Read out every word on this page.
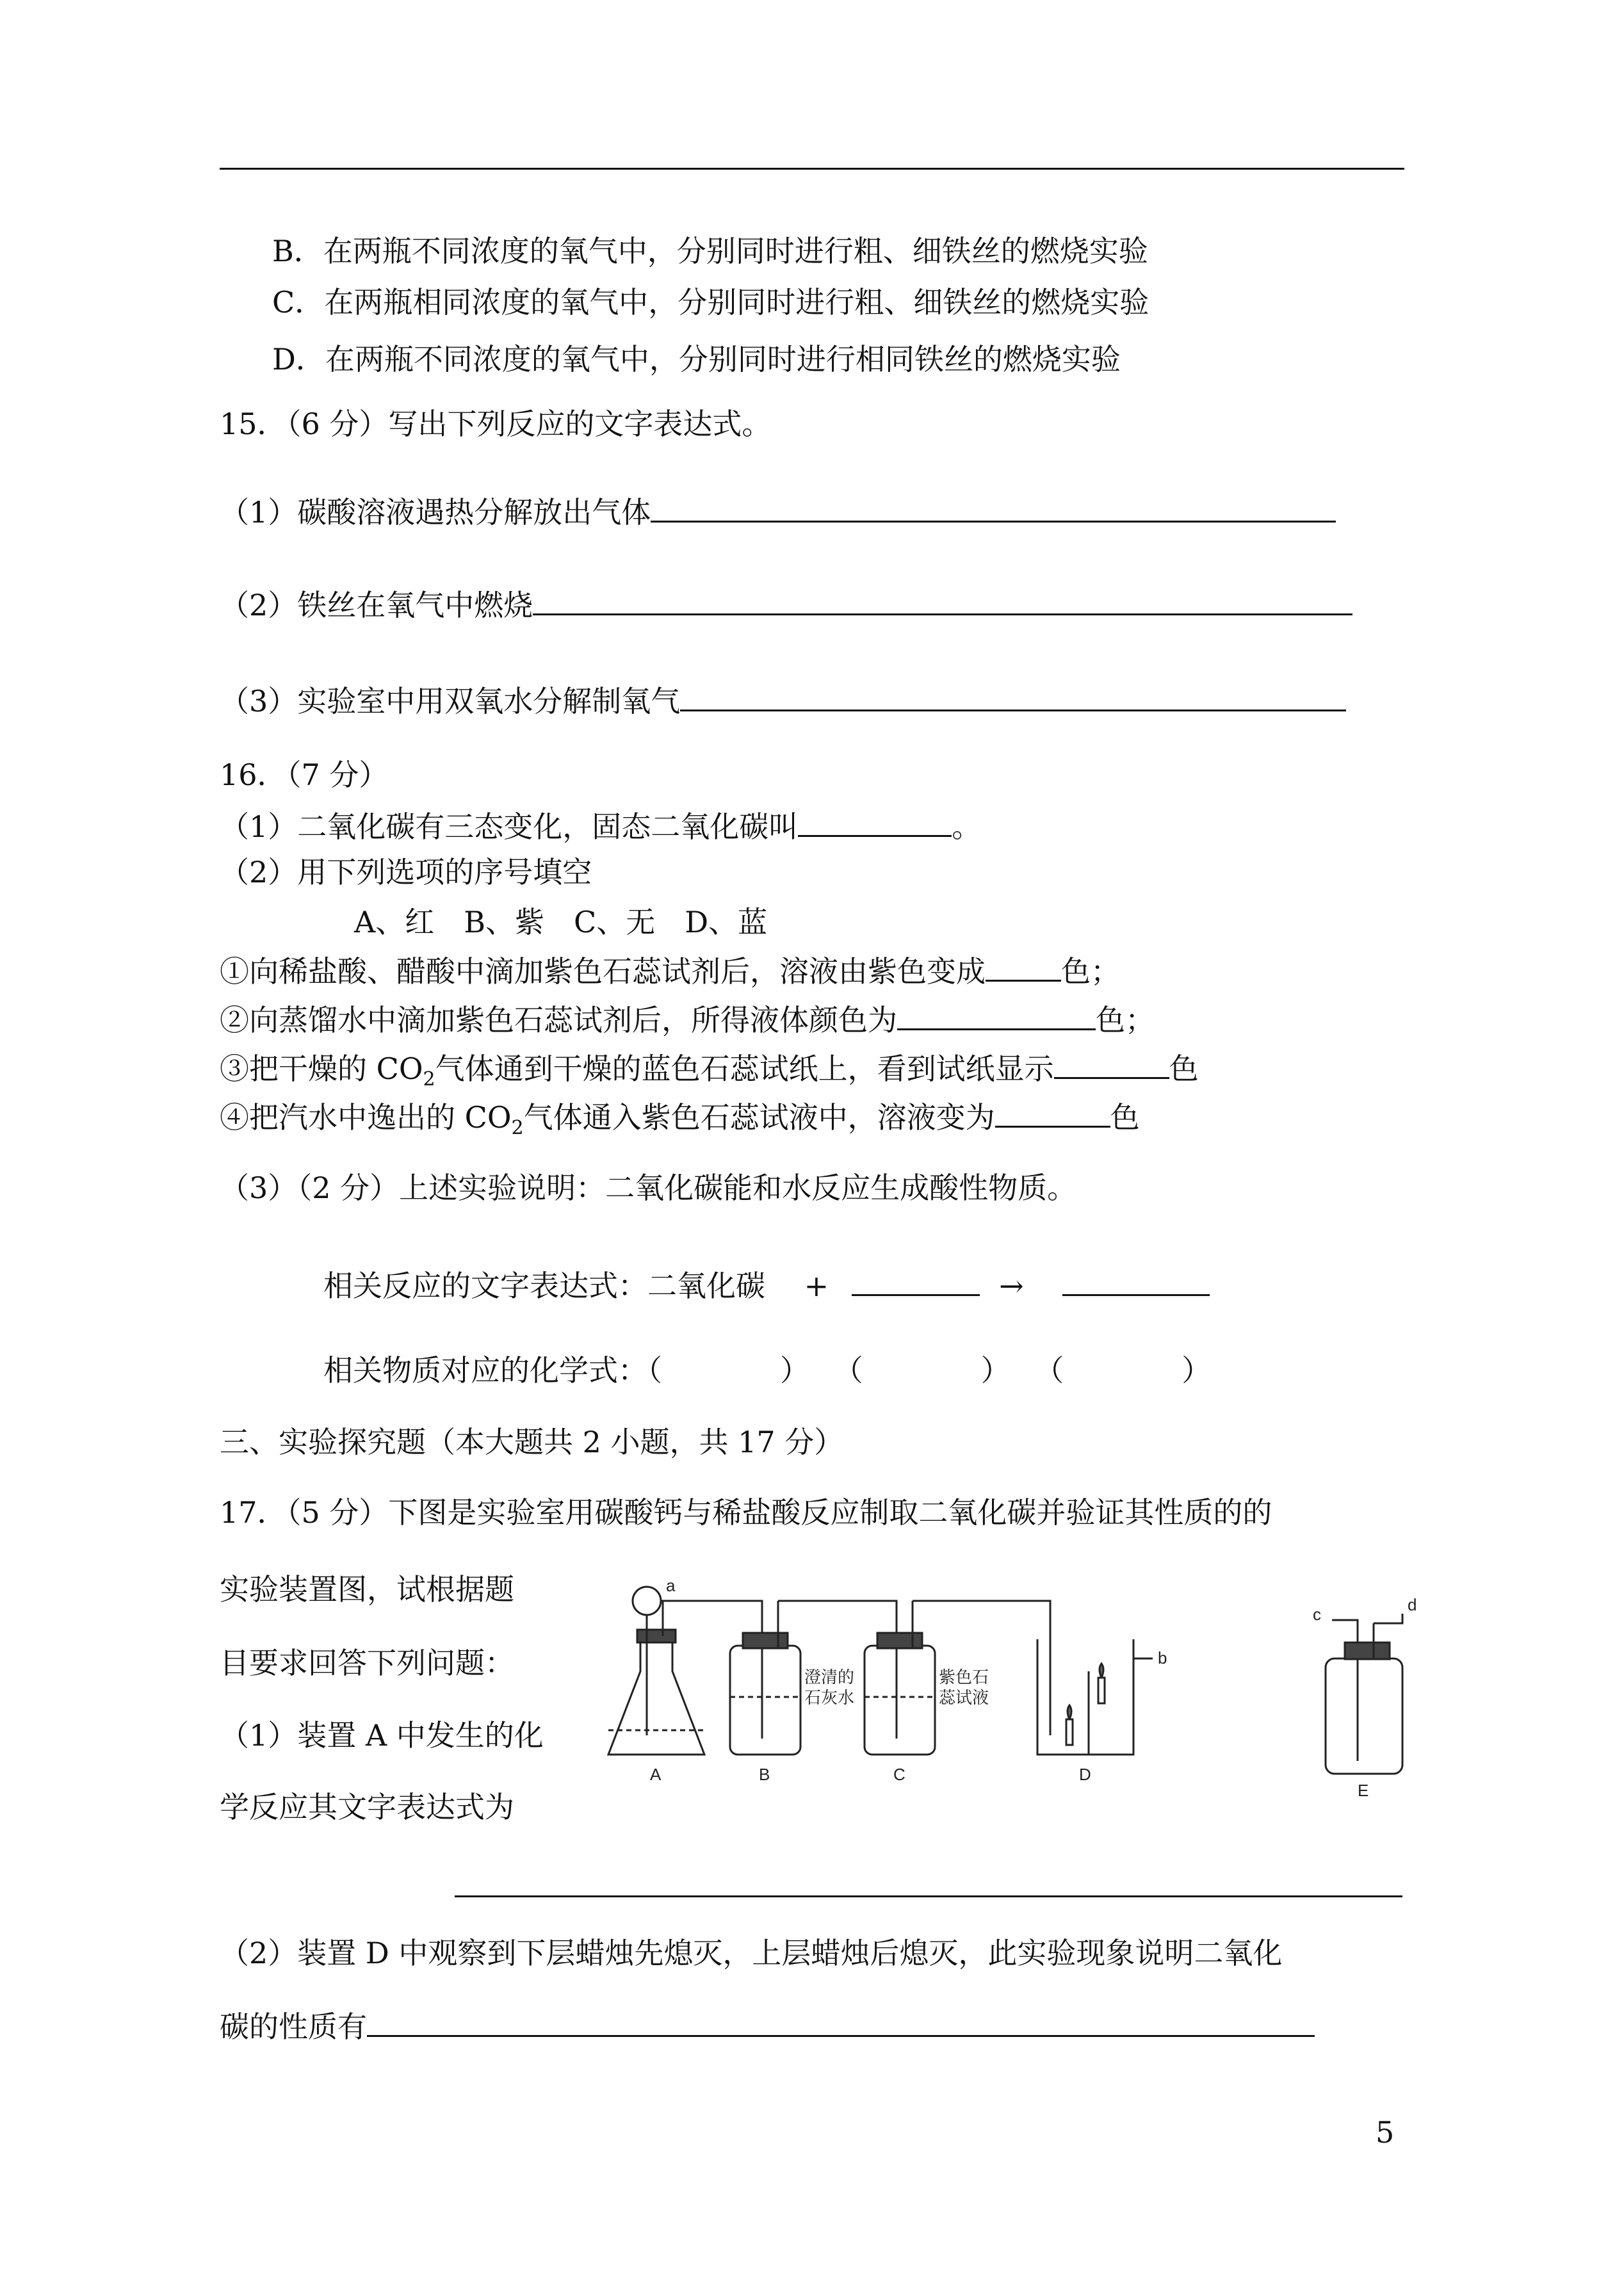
B．在两瓶不同浓度的氧气中，分别同时进行粗、细铁丝的燃烧实验
C．在两瓶相同浓度的氧气中，分别同时进行粗、细铁丝的燃烧实验
D．在两瓶不同浓度的氧气中，分别同时进行相同铁丝的燃烧实验
15．（6 分）写出下列反应的文字表达式。
（1）碳酸溶液遇热分解放出气体
（2）铁丝在氧气中燃烧
（3）实验室中用双氧水分解制氧气
16．（7 分）
（1）二氧化碳有三态变化，固态二氧化碳叫	。
（2）用下列选项的序号填空
A、红　B、紫　C、无　D、蓝
①向稀盐酸、醋酸中滴加紫色石蕊试剂后，溶液由紫色变成	色；
②向蒸馏水中滴加紫色石蕊试剂后，所得液体颜色为	色；
③把干燥的 $CO_2$气体通到干燥的蓝色石蕊试纸上，看到试纸显示	色
④把汽水中逸出的 $CO_2$气体通入紫色石蕊试液中，溶液变为	色
（3）（2 分）上述实验说明：二氧化碳能和水反应生成酸性物质。
相关反应的文字表达式：二氧化碳　 +	→
相关物质对应的化学式：（　　　　）　 （　　　　）　 （　　　　）
三、实验探究题（本大题共 2 小题，共 17 分）
17．（5 分）下图是实验室用碳酸钙与稀盐酸反应制取二氧化碳并验证其性质的的
实验装置图，试根据题
目要求回答下列问题：
（1）装置 A 中发生的化
学反应其文字表达式为
（2）装置 D 中观察到下层蜡烛先熄灭，上层蜡烛后熄灭，此实验现象说明二氧化
碳的性质有
a
b
c	d
A	B	C	D
E
澄清的
石灰水
紫色石
蕊试液
5
